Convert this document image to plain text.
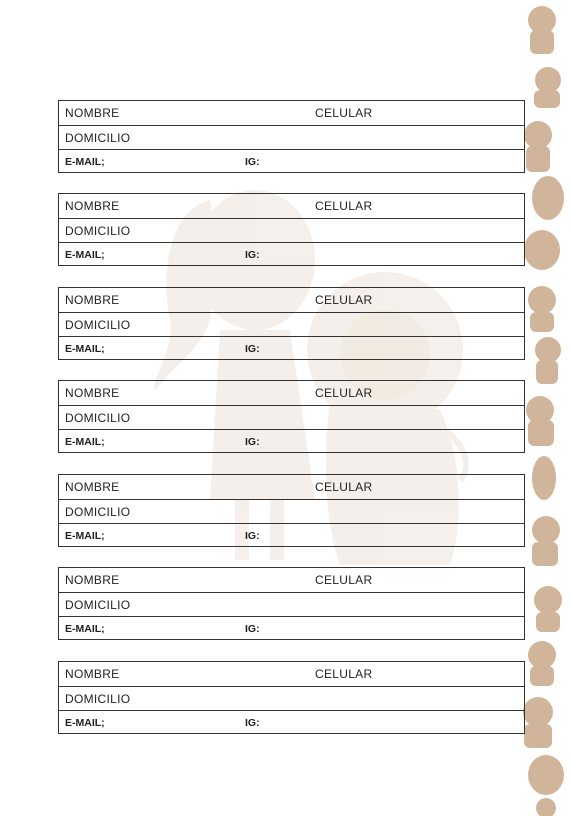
NOMBRE	CELULAR
DOMICILIO
E-MAIL;	IG:
NOMBRE	CELULAR
DOMICILIO
E-MAIL;	IG:
NOMBRE	CELULAR
DOMICILIO
E-MAIL;	IG:
NOMBRE	CELULAR
DOMICILIO
E-MAIL;	IG:
NOMBRE	CELULAR
DOMICILIO
E-MAIL;	IG:
NOMBRE	CELULAR
DOMICILIO
E-MAIL;	IG:
NOMBRE	CELULAR
DOMICILIO
E-MAIL;	IG:
